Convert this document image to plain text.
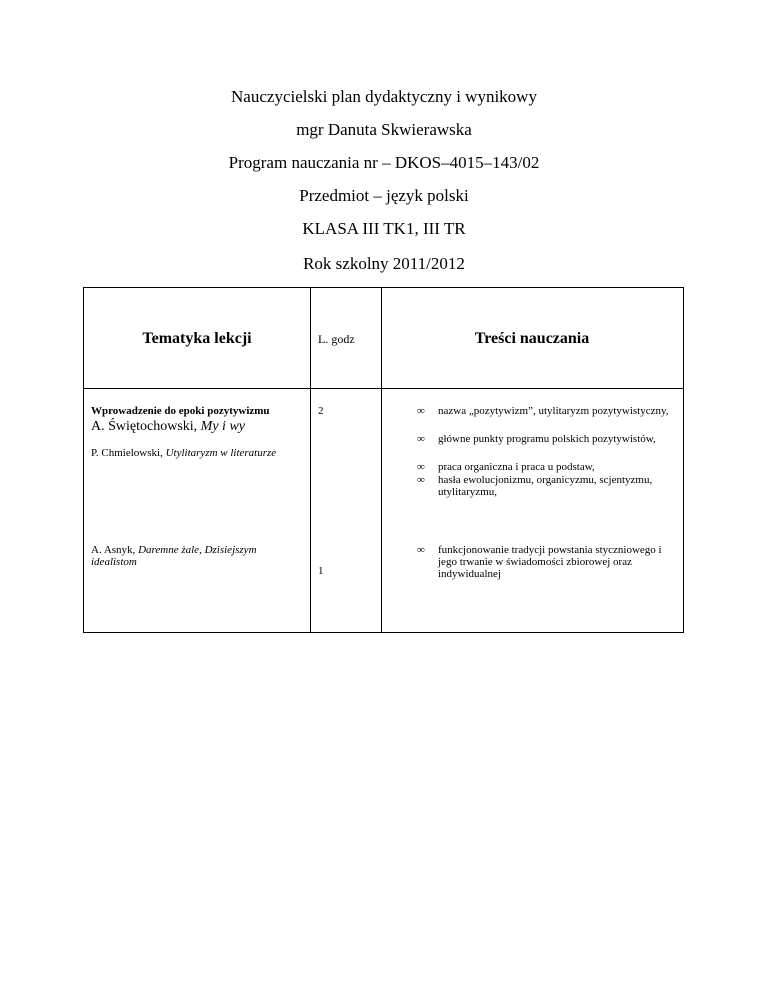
Nauczycielski plan dydaktyczny i wynikowy
mgr Danuta Skwierawska
Program nauczania nr – DKOS–4015–143/02
Przedmiot – język polski
KLASA III TK1, III TR
Rok szkolny 2011/2012
Tematyka lekcji	L. godz	Treści nauczania
Wprowadzenie do epoki pozytywizmu
A. Świętochowski, My i wy
P. Chmielowski, Utylitaryzm w literaturze
A. Asnyk, Daremne żale, Dzisiejszym idealistom
2
1
∞ nazwa „pozytywizm”, utylitaryzm pozytywistyczny,
∞ główne punkty programu polskich pozytywistów,
∞ praca organiczna i praca u podstaw,
∞ hasła ewolucjonizmu, organicyzmu, scjentyzmu, utylitaryzmu,
∞ funkcjonowanie tradycji powstania styczniowego i jego trwanie w świadomości zbiorowej oraz indywidualnej
